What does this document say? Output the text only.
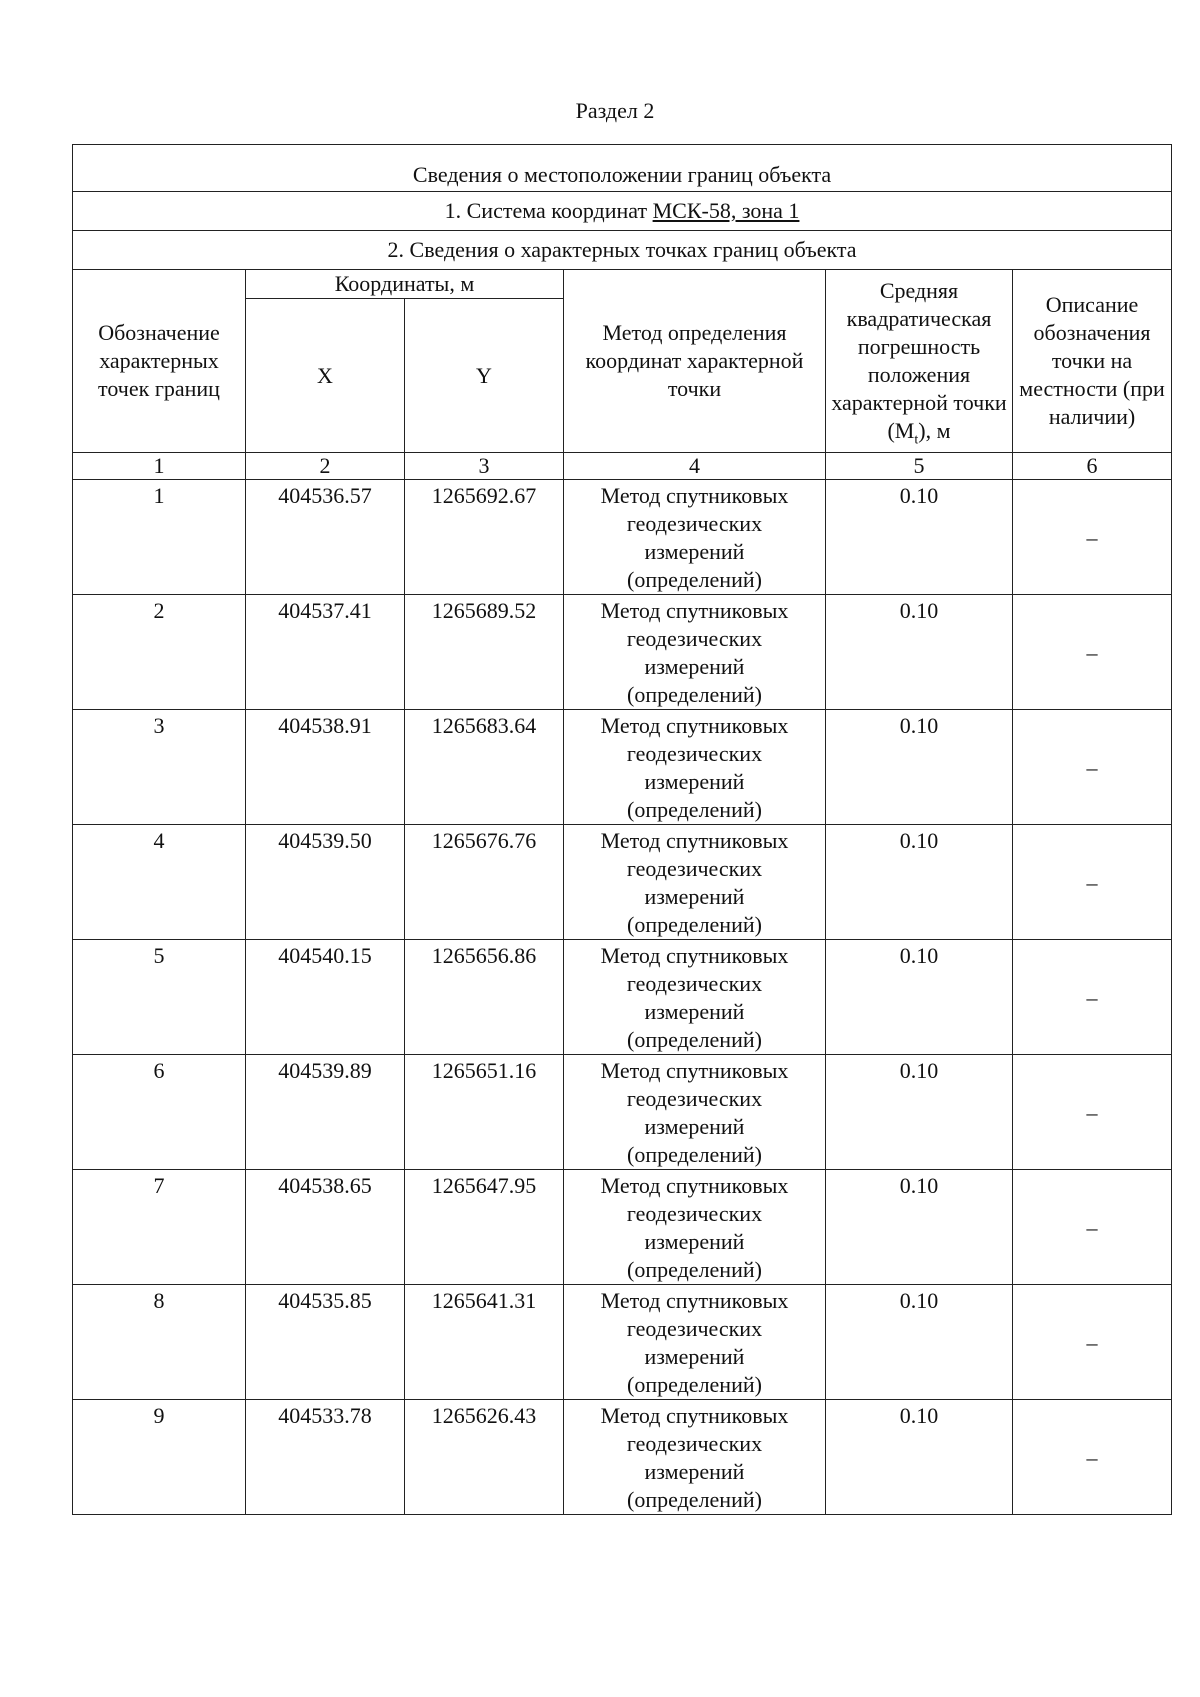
Раздел 2
Сведения о местоположении границ объекта					
1. Система координат МСК-58, зона 1					
2. Сведения о характерных точках границ объекта					
Обозначение характерных точек границ	Координаты, м		Метод определения координат характерной точки	Средняя квадратическая погрешность положения характерной точки $(M_t)$, м	Описание обозначения точки на местности (при наличии)
	X	Y			
1	2	3	4	5	6
1	404536.57	1265692.67	Метод спутниковых
геодезических
измерений
(определений)	0.10	–
2	404537.41	1265689.52	Метод спутниковых
геодезических
измерений
(определений)	0.10	–
3	404538.91	1265683.64	Метод спутниковых
геодезических
измерений
(определений)	0.10	–
4	404539.50	1265676.76	Метод спутниковых
геодезических
измерений
(определений)	0.10	–
5	404540.15	1265656.86	Метод спутниковых
геодезических
измерений
(определений)	0.10	–
6	404539.89	1265651.16	Метод спутниковых
геодезических
измерений
(определений)	0.10	–
7	404538.65	1265647.95	Метод спутниковых
геодезических
измерений
(определений)	0.10	–
8	404535.85	1265641.31	Метод спутниковых
геодезических
измерений
(определений)	0.10	–
9	404533.78	1265626.43	Метод спутниковых
геодезических
измерений
(определений)	0.10	–
